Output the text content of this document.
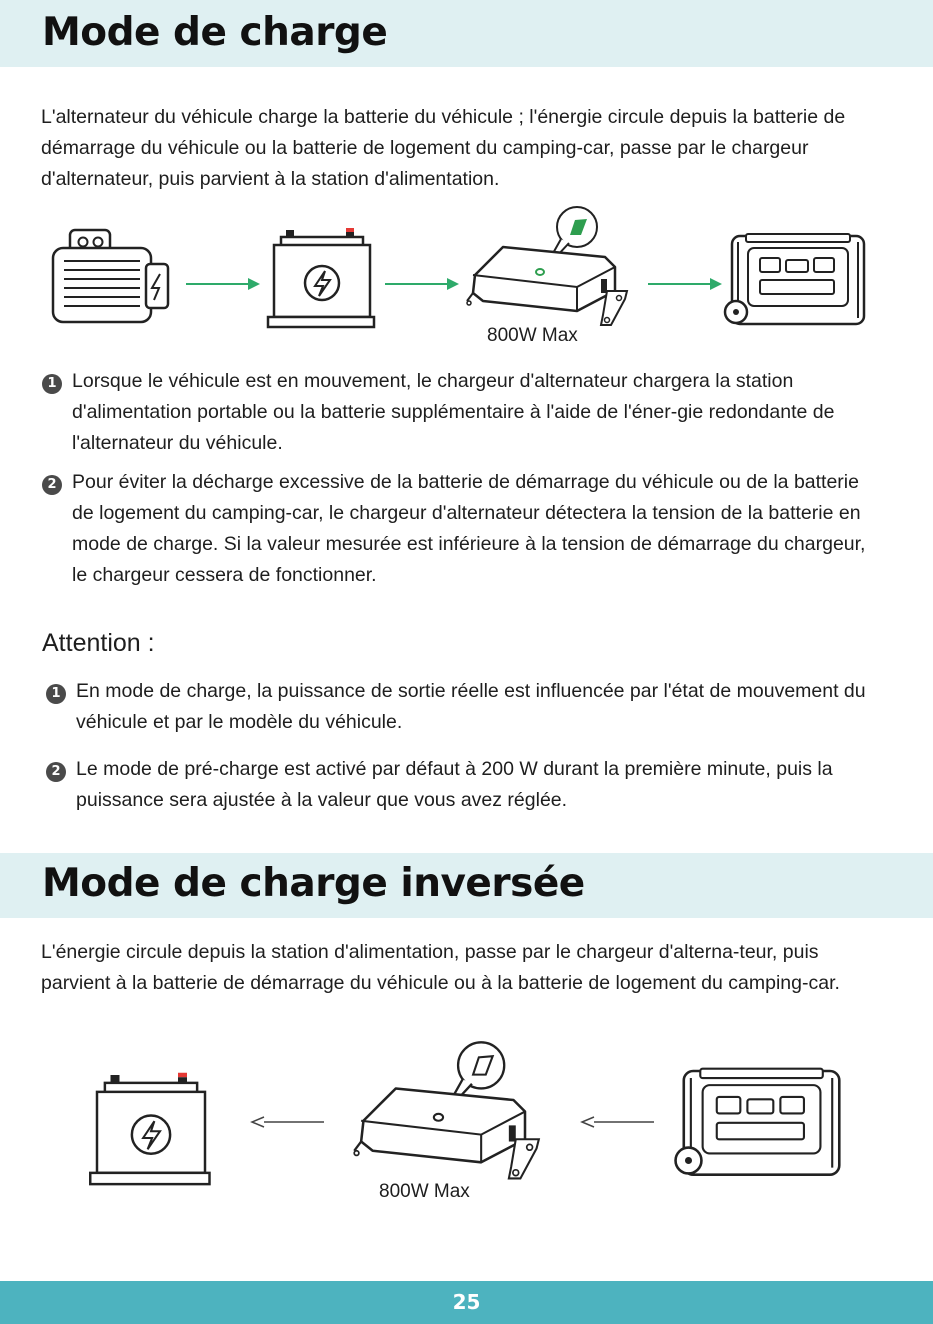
Mode de charge
L'alternateur du véhicule charge la batterie du véhicule ; l'énergie circule depuis la batterie de démarrage du véhicule ou la batterie de logement du camping-car, passe par le chargeur d'alternateur, puis parvient à la station d'alimentation.
800W Max
1 Lorsque le véhicule est en mouvement, le chargeur d'alternateur chargera la station d'alimentation portable ou la batterie supplémentaire à l'aide de l'éner-gie redondante de l'alternateur du véhicule.
2 Pour éviter la décharge excessive de la batterie de démarrage du véhicule ou de la batterie de logement du camping-car, le chargeur d'alternateur détectera la tension de la batterie en mode de charge. Si la valeur mesurée est inférieure à la tension de démarrage du chargeur, le chargeur cessera de fonctionner.
Attention :
1 En mode de charge, la puissance de sortie réelle est influencée par l'état de mouvement du véhicule et par le modèle du véhicule.
2 Le mode de pré-charge est activé par défaut à 200 W durant la première minute, puis la puissance sera ajustée à la valeur que vous avez réglée.
Mode de charge inversée
L'énergie circule depuis la station d'alimentation, passe par le chargeur d'alterna-teur, puis parvient à la batterie de démarrage du véhicule ou à la batterie de logement du camping-car.
800W Max
25
